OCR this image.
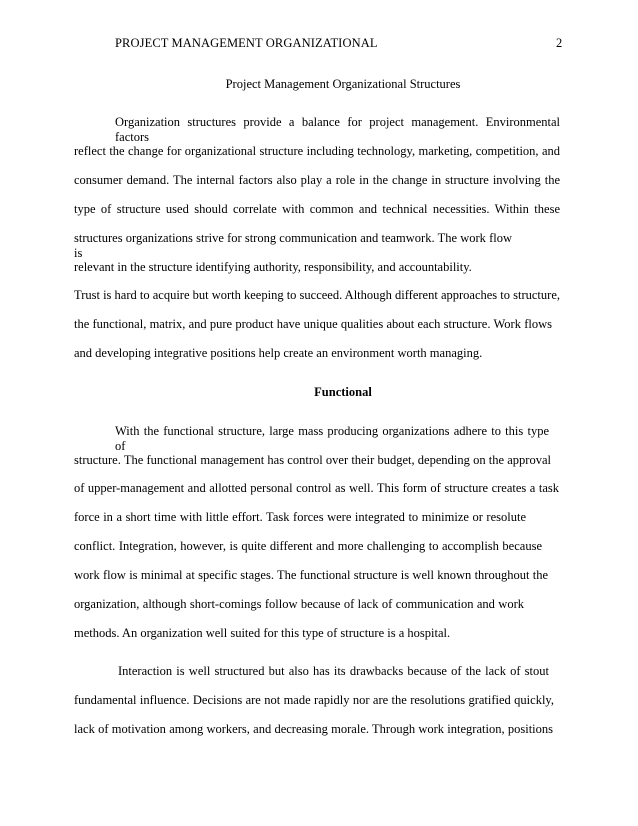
PROJECT MANAGEMENT ORGANIZATIONAL	2
Project Management Organizational Structures
Organization structures provide a balance for project management. Environmental factors
reflect the change for organizational structure including technology, marketing, competition, and
consumer demand. The internal factors also play a role in the change in structure involving the
type of structure used should correlate with common and technical necessities. Within these
structures organizations strive for strong communication and teamwork. The work flow is
relevant in the structure identifying authority, responsibility, and accountability.
Trust is hard to acquire but worth keeping to succeed. Although different approaches to structure,
the functional, matrix, and pure product have unique qualities about each structure. Work flows
and developing integrative positions help create an environment worth managing.
Functional
With the functional structure, large mass producing organizations adhere to this type of
structure. The functional management has control over their budget, depending on the approval
of upper-management and allotted personal control as well. This form of structure creates a task
force in a short time with little effort. Task forces were integrated to minimize or resolute
conflict. Integration, however, is quite different and more challenging to accomplish because
work flow is minimal at specific stages. The functional structure is well known throughout the
organization, although short-comings follow because of lack of communication and work
methods. An organization well suited for this type of structure is a hospital.
Interaction is well structured but also has its drawbacks because of the lack of stout
fundamental influence. Decisions are not made rapidly nor are the resolutions gratified quickly,
lack of motivation among workers, and decreasing morale. Through work integration, positions
